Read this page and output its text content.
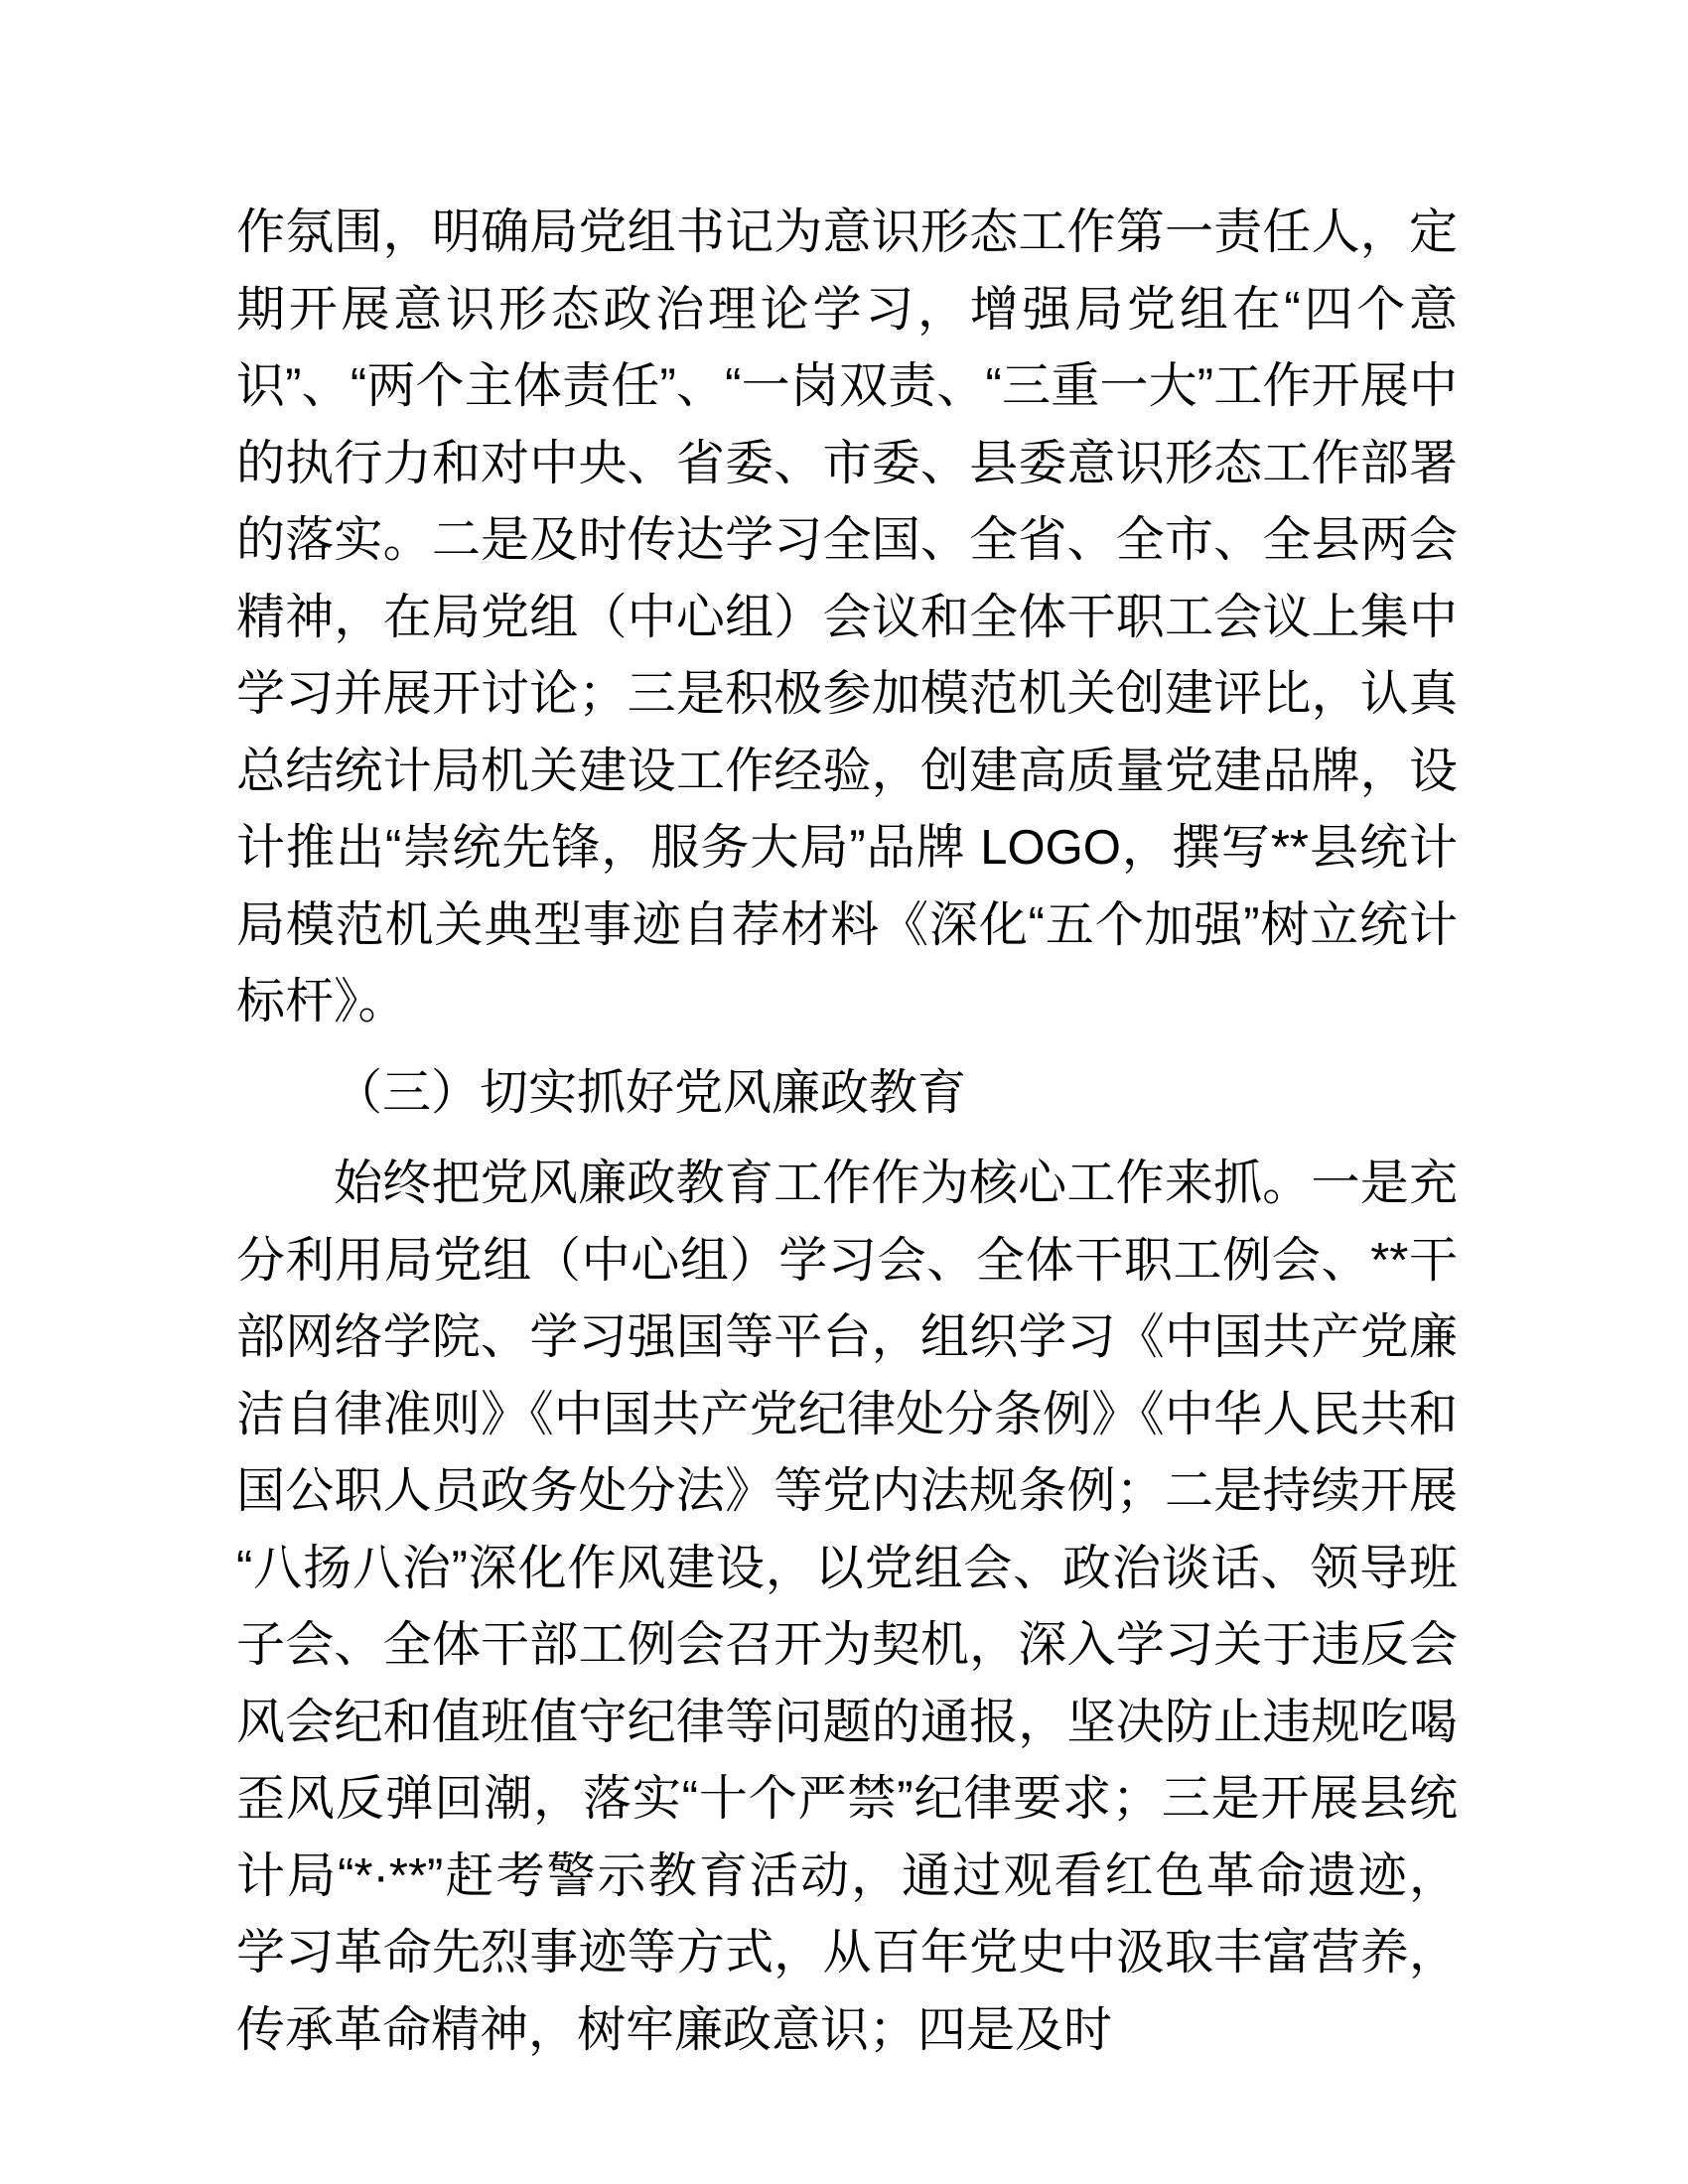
作氛围，明确局党组书记为意识形态工作第一责任人，定期开展意识形态政治理论学习，增强局党组在“四个意识”、“两个主体责任”、“一岗双责、“三重一大”工作开展中的执行力和对中央、省委、市委、县委意识形态工作部署的落实。二是及时传达学习全国、全省、全市、全县两会精神，在局党组（中心组）会议和全体干职工会议上集中学习并展开讨论；三是积极参加模范机关创建评比，认真总结统计局机关建设工作经验，创建高质量党建品牌，设计推出“崇统先锋，服务大局”品牌 LOGO，撰写**县统计局模范机关典型事迹自荐材料《深化“五个加强”树立统计标杆》。

（三）切实抓好党风廉政教育

始终把党风廉政教育工作作为核心工作来抓。一是充分利用局党组（中心组）学习会、全体干职工例会、**干部网络学院、学习强国等平台，组织学习《中国共产党廉洁自律准则》《中国共产党纪律处分条例》《中华人民共和国公职人员政务处分法》等党内法规条例；二是持续开展“八扬八治”深化作风建设，以党组会、政治谈话、领导班子会、全体干部工例会召开为契机，深入学习关于违反会风会纪和值班值守纪律等问题的通报，坚决防止违规吃喝歪风反弹回潮，落实“十个严禁”纪律要求；三是开展县统计局“*·**”赶考警示教育活动，通过观看红色革命遗迹，学习革命先烈事迹等方式，从百年党史中汲取丰富营养，传承革命精神，树牢廉政意识；四是及时
